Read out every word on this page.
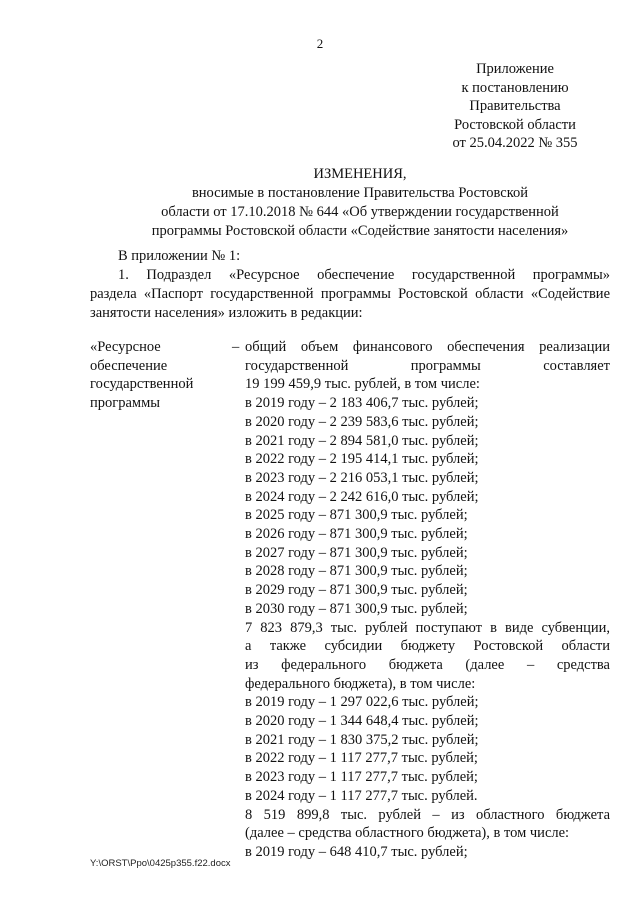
2
Приложение
к постановлению
Правительства
Ростовской области
от 25.04.2022 № 355
ИЗМЕНЕНИЯ,
вносимые в постановление Правительства Ростовской
области от 17.10.2018 № 644 «Об утверждении государственной
программы Ростовской области «Содействие занятости населения»
В приложении № 1:
1. Подраздел «Ресурсное обеспечение государственной программы»
раздела «Паспорт государственной программы Ростовской области «Содействие
занятости населения» изложить в редакции:
«Ресурсное
обеспечение
государственной
программы
– общий объем финансового обеспечения реализации
государственной программы составляет
19 199 459,9 тыс. рублей, в том числе:
в 2019 году – 2 183 406,7 тыс. рублей;
в 2020 году – 2 239 583,6 тыс. рублей;
в 2021 году – 2 894 581,0 тыс. рублей;
в 2022 году – 2 195 414,1 тыс. рублей;
в 2023 году – 2 216 053,1 тыс. рублей;
в 2024 году – 2 242 616,0 тыс. рублей;
в 2025 году – 871 300,9 тыс. рублей;
в 2026 году – 871 300,9 тыс. рублей;
в 2027 году – 871 300,9 тыс. рублей;
в 2028 году – 871 300,9 тыс. рублей;
в 2029 году – 871 300,9 тыс. рублей;
в 2030 году – 871 300,9 тыс. рублей;
7 823 879,3 тыс. рублей поступают в виде субвенции,
а также субсидии бюджету Ростовской области
из федерального бюджета (далее – средства
федерального бюджета), в том числе:
в 2019 году – 1 297 022,6 тыс. рублей;
в 2020 году – 1 344 648,4 тыс. рублей;
в 2021 году – 1 830 375,2 тыс. рублей;
в 2022 году – 1 117 277,7 тыс. рублей;
в 2023 году – 1 117 277,7 тыс. рублей;
в 2024 году – 1 117 277,7 тыс. рублей.
8 519 899,8 тыс. рублей – из областного бюджета
(далее – средства областного бюджета), в том числе:
в 2019 году – 648 410,7 тыс. рублей;
Y:\ORST\Ppo\0425p355.f22.docx
